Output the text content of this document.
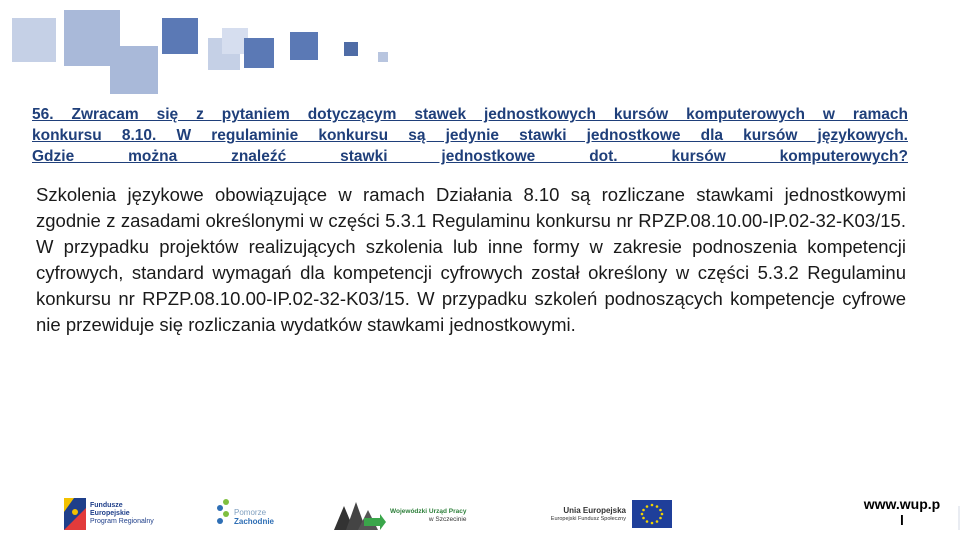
56. Zwracam się z pytaniem dotyczącym stawek jednostkowych kursów komputerowych w ramach
konkursu 8.10. W regulaminie konkursu są jedynie stawki jednostkowe dla kursów językowych.
Gdzie można znaleźć stawki jednostkowe dot. kursów komputerowych?
Szkolenia językowe obowiązujące w ramach Działania 8.10 są rozliczane stawkami jednostkowymi zgodnie z zasadami określonymi w części 5.3.1 Regulaminu konkursu nr RPZP.08.10.00-IP.02-32-K03/15. W przypadku projektów realizujących szkolenia lub inne formy w zakresie podnoszenia kompetencji cyfrowych, standard wymagań dla kompetencji cyfrowych został określony w części 5.3.2 Regulaminu konkursu nr RPZP.08.10.00-IP.02-32-K03/15. W przypadku szkoleń podnoszących kompetencje cyfrowe nie przewiduje się rozliczania wydatków stawkami jednostkowymi.
Fundusze
Europejskie
Program Regionalny
Pomorze
Zachodnie
Wojewódzki Urząd Pracy
w Szczecinie
Unia Europejska
Europejski Fundusz Społeczny
www.wup.p
l
